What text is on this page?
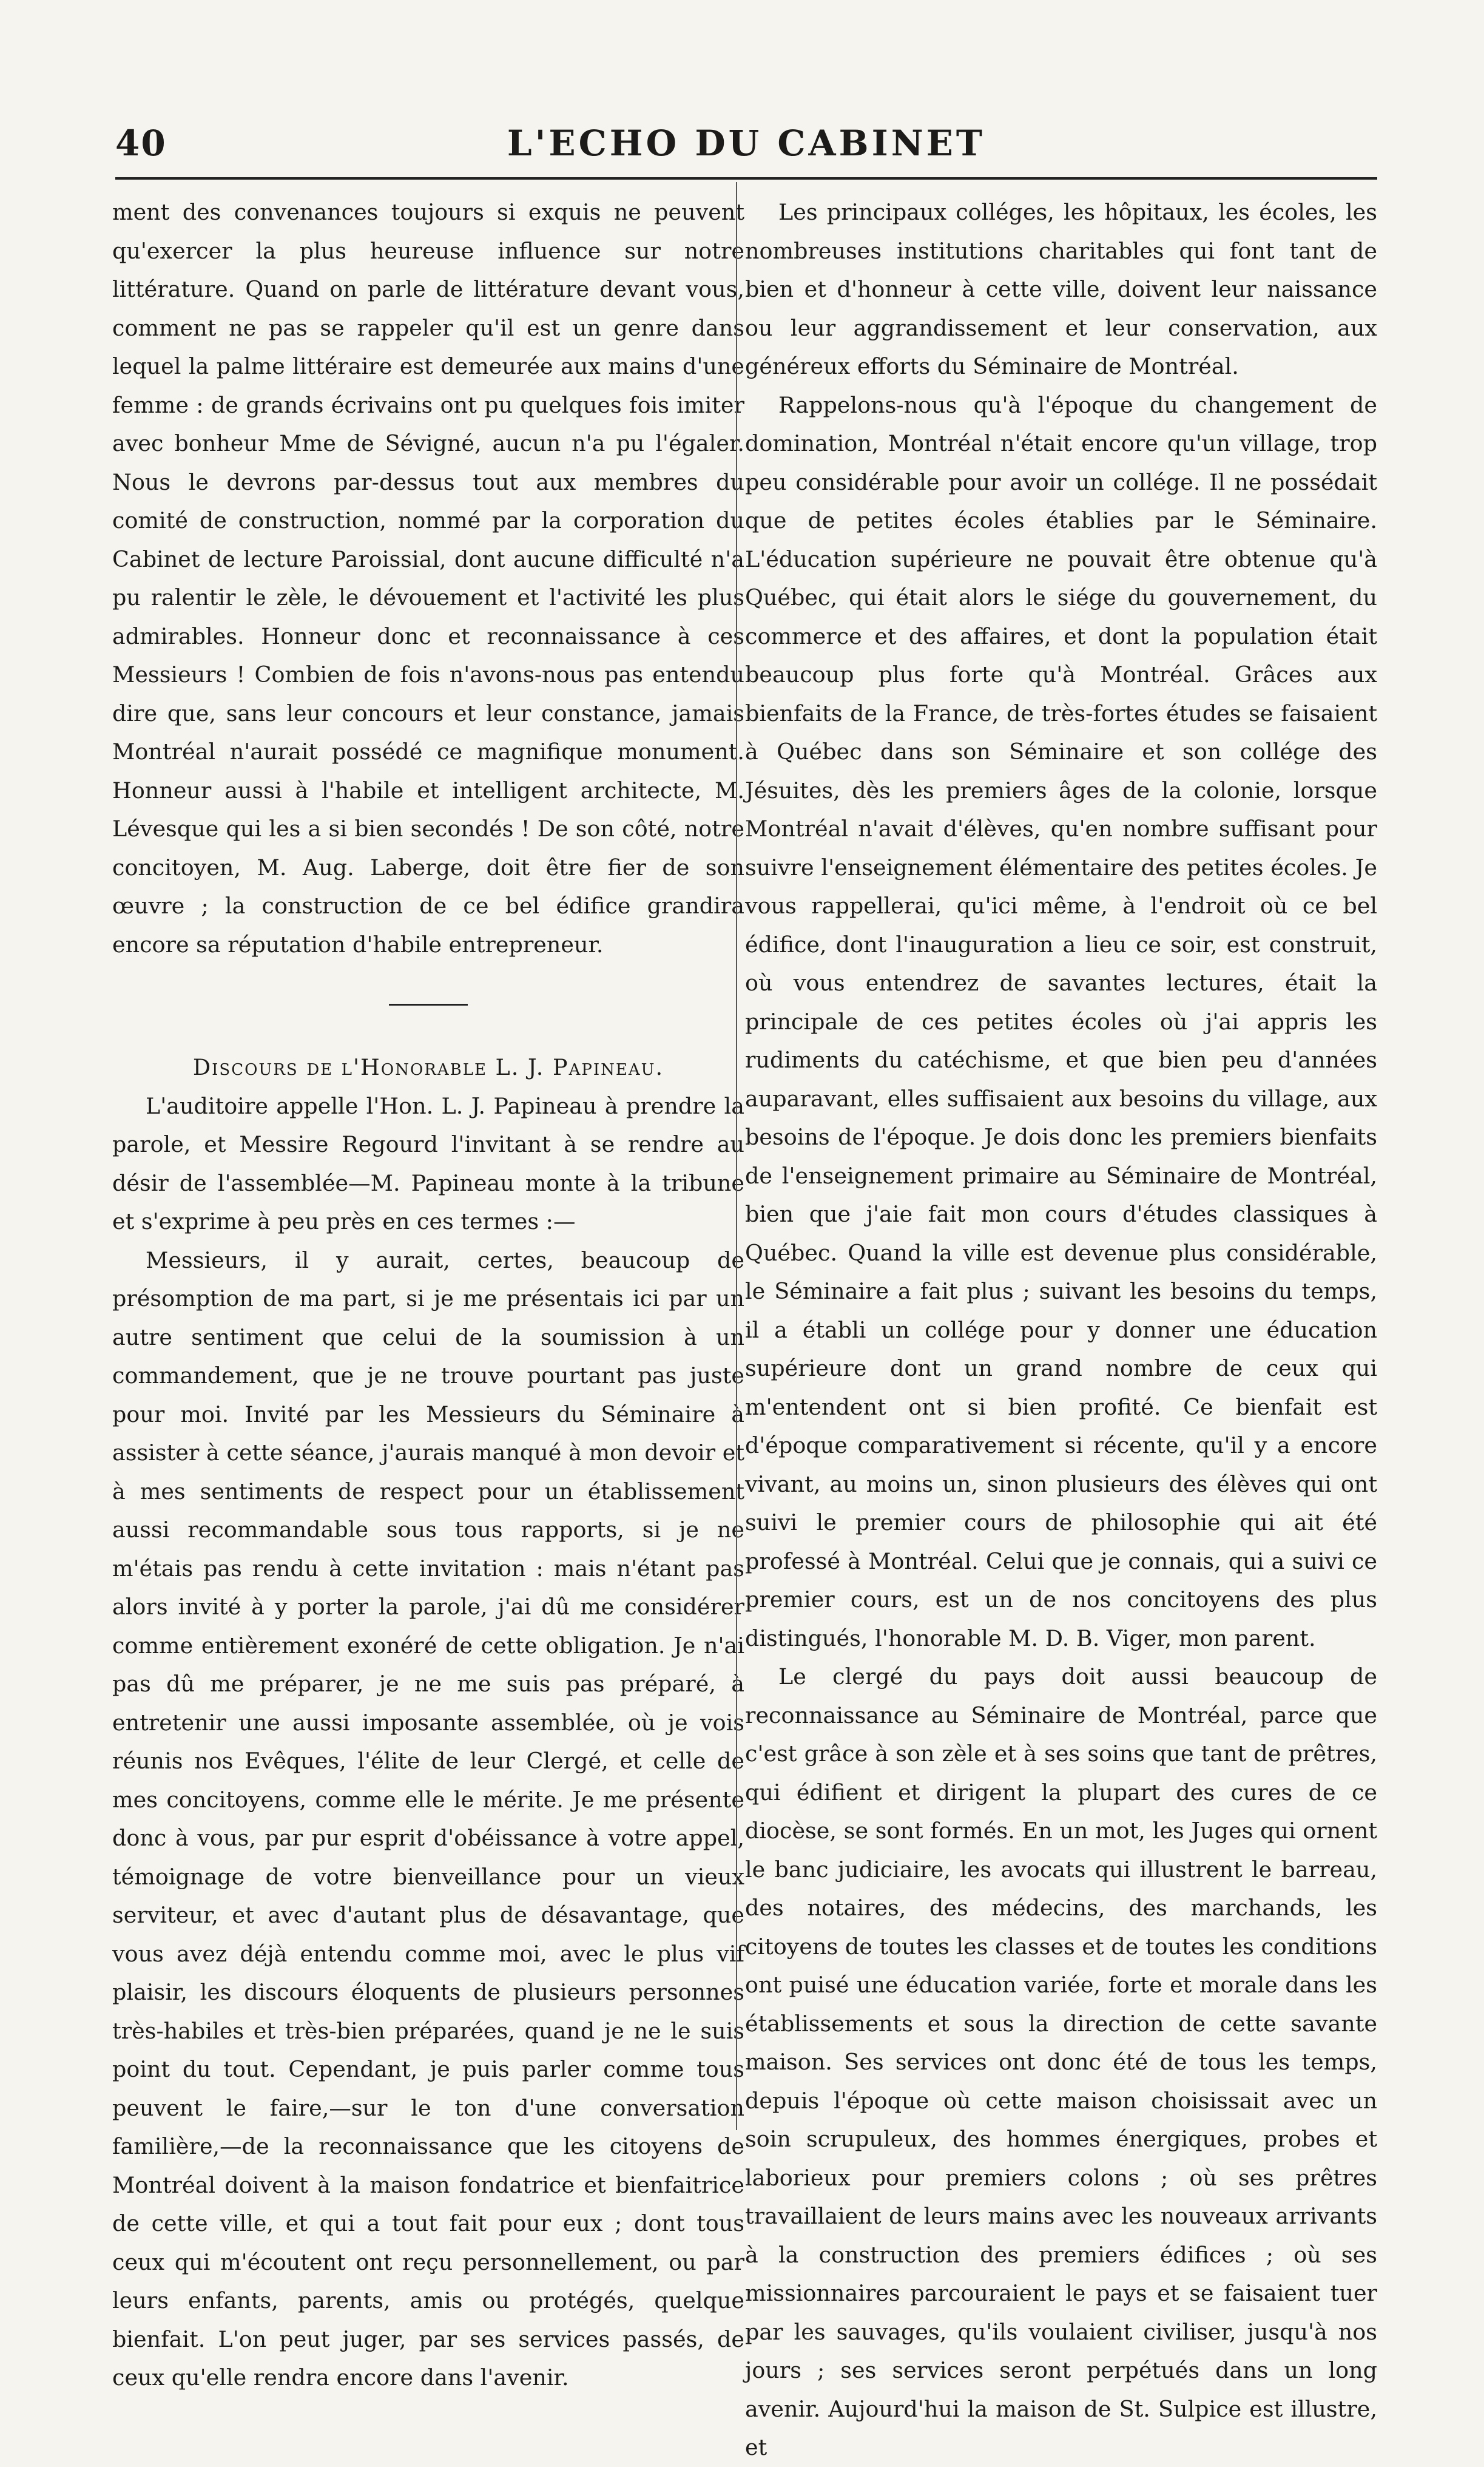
40	L'ECHO DU CABINET

ment des convenances toujours si exquis ne peuvent qu'exercer la plus heureuse influence sur notre littérature. Quand on parle de littérature devant vous, comment ne pas se rappeler qu'il est un genre dans lequel la palme littéraire est demeurée aux mains d'une femme : de grands écrivains ont pu quelques fois imiter avec bonheur Mme de Sévigné, aucun n'a pu l'égaler. Nous le devrons par-dessus tout aux membres du comité de construction, nommé par la corporation du Cabinet de lecture Paroissial, dont aucune difficulté n'a pu ralentir le zèle, le dévouement et l'activité les plus admirables. Honneur donc et reconnaissance à ces Messieurs ! Combien de fois n'avons-nous pas entendu dire que, sans leur concours et leur constance, jamais Montréal n'aurait possédé ce magnifique monument. Honneur aussi à l'habile et intelligent architecte, M. Lévesque qui les a si bien secondés ! De son côté, notre concitoyen, M. Aug. Laberge, doit être fier de son œuvre ; la construction de ce bel édifice grandira encore sa réputation d'habile entrepreneur.

Discours de l'Honorable L. J. Papineau.

L'auditoire appelle l'Hon. L. J. Papineau à prendre la parole, et Messire Regourd l'invitant à se rendre au désir de l'assemblée—M. Papineau monte à la tribune et s'exprime à peu près en ces termes :—

Messieurs, il y aurait, certes, beaucoup de présomption de ma part, si je me présentais ici par un autre sentiment que celui de la soumission à un commandement, que je ne trouve pourtant pas juste pour moi. Invité par les Messieurs du Séminaire à assister à cette séance, j'aurais manqué à mon devoir et à mes sentiments de respect pour un établissement aussi recommandable sous tous rapports, si je ne m'étais pas rendu à cette invitation : mais n'étant pas alors invité à y porter la parole, j'ai dû me considérer comme entièrement exonéré de cette obligation. Je n'ai pas dû me préparer, je ne me suis pas préparé, à entretenir une aussi imposante assemblée, où je vois réunis nos Evêques, l'élite de leur Clergé, et celle de mes concitoyens, comme elle le mérite. Je me présente donc à vous, par pur esprit d'obéissance à votre appel, témoignage de votre bienveillance pour un vieux serviteur, et avec d'autant plus de désavantage, que vous avez déjà entendu comme moi, avec le plus vif plaisir, les discours éloquents de plusieurs personnes très-habiles et très-bien préparées, quand je ne le suis point du tout. Cependant, je puis parler comme tous peuvent le faire,—sur le ton d'une conversation familière,—de la reconnaissance que les citoyens de Montréal doivent à la maison fondatrice et bienfaitrice de cette ville, et qui a tout fait pour eux ; dont tous ceux qui m'écoutent ont reçu personnellement, ou par leurs enfants, parents, amis ou protégés, quelque bienfait. L'on peut juger, par ses services passés, de ceux qu'elle rendra encore dans l'avenir.

Les principaux colléges, les hôpitaux, les écoles, les nombreuses institutions charitables qui font tant de bien et d'honneur à cette ville, doivent leur naissance ou leur aggrandissement et leur conservation, aux généreux efforts du Séminaire de Montréal.

Rappelons-nous qu'à l'époque du changement de domination, Montréal n'était encore qu'un village, trop peu considérable pour avoir un collége. Il ne possédait que de petites écoles établies par le Séminaire. L'éducation supérieure ne pouvait être obtenue qu'à Québec, qui était alors le siége du gouvernement, du commerce et des affaires, et dont la population était beaucoup plus forte qu'à Montréal. Grâces aux bienfaits de la France, de très-fortes études se faisaient à Québec dans son Séminaire et son collége des Jésuites, dès les premiers âges de la colonie, lorsque Montréal n'avait d'élèves, qu'en nombre suffisant pour suivre l'enseignement élémentaire des petites écoles. Je vous rappellerai, qu'ici même, à l'endroit où ce bel édifice, dont l'inauguration a lieu ce soir, est construit, où vous entendrez de savantes lectures, était la principale de ces petites écoles où j'ai appris les rudiments du catéchisme, et que bien peu d'années auparavant, elles suffisaient aux besoins du village, aux besoins de l'époque. Je dois donc les premiers bienfaits de l'enseignement primaire au Séminaire de Montréal, bien que j'aie fait mon cours d'études classiques à Québec. Quand la ville est devenue plus considérable, le Séminaire a fait plus ; suivant les besoins du temps, il a établi un collége pour y donner une éducation supérieure dont un grand nombre de ceux qui m'entendent ont si bien profité. Ce bienfait est d'époque comparativement si récente, qu'il y a encore vivant, au moins un, sinon plusieurs des élèves qui ont suivi le premier cours de philosophie qui ait été professé à Montréal. Celui que je connais, qui a suivi ce premier cours, est un de nos concitoyens des plus distingués, l'honorable M. D. B. Viger, mon parent.

Le clergé du pays doit aussi beaucoup de reconnaissance au Séminaire de Montréal, parce que c'est grâce à son zèle et à ses soins que tant de prêtres, qui édifient et dirigent la plupart des cures de ce diocèse, se sont formés. En un mot, les Juges qui ornent le banc judiciaire, les avocats qui illustrent le barreau, des notaires, des médecins, des marchands, les citoyens de toutes les classes et de toutes les conditions ont puisé une éducation variée, forte et morale dans les établissements et sous la direction de cette savante maison. Ses services ont donc été de tous les temps, depuis l'époque où cette maison choisissait avec un soin scrupuleux, des hommes énergiques, probes et laborieux pour premiers colons ; où ses prêtres travaillaient de leurs mains avec les nouveaux arrivants à la construction des premiers édifices ; où ses missionnaires parcouraient le pays et se faisaient tuer par les sauvages, qu'ils voulaient civiliser, jusqu'à nos jours ; ses services seront perpétués dans un long avenir. Aujourd'hui la maison de St. Sulpice est illustre, et
